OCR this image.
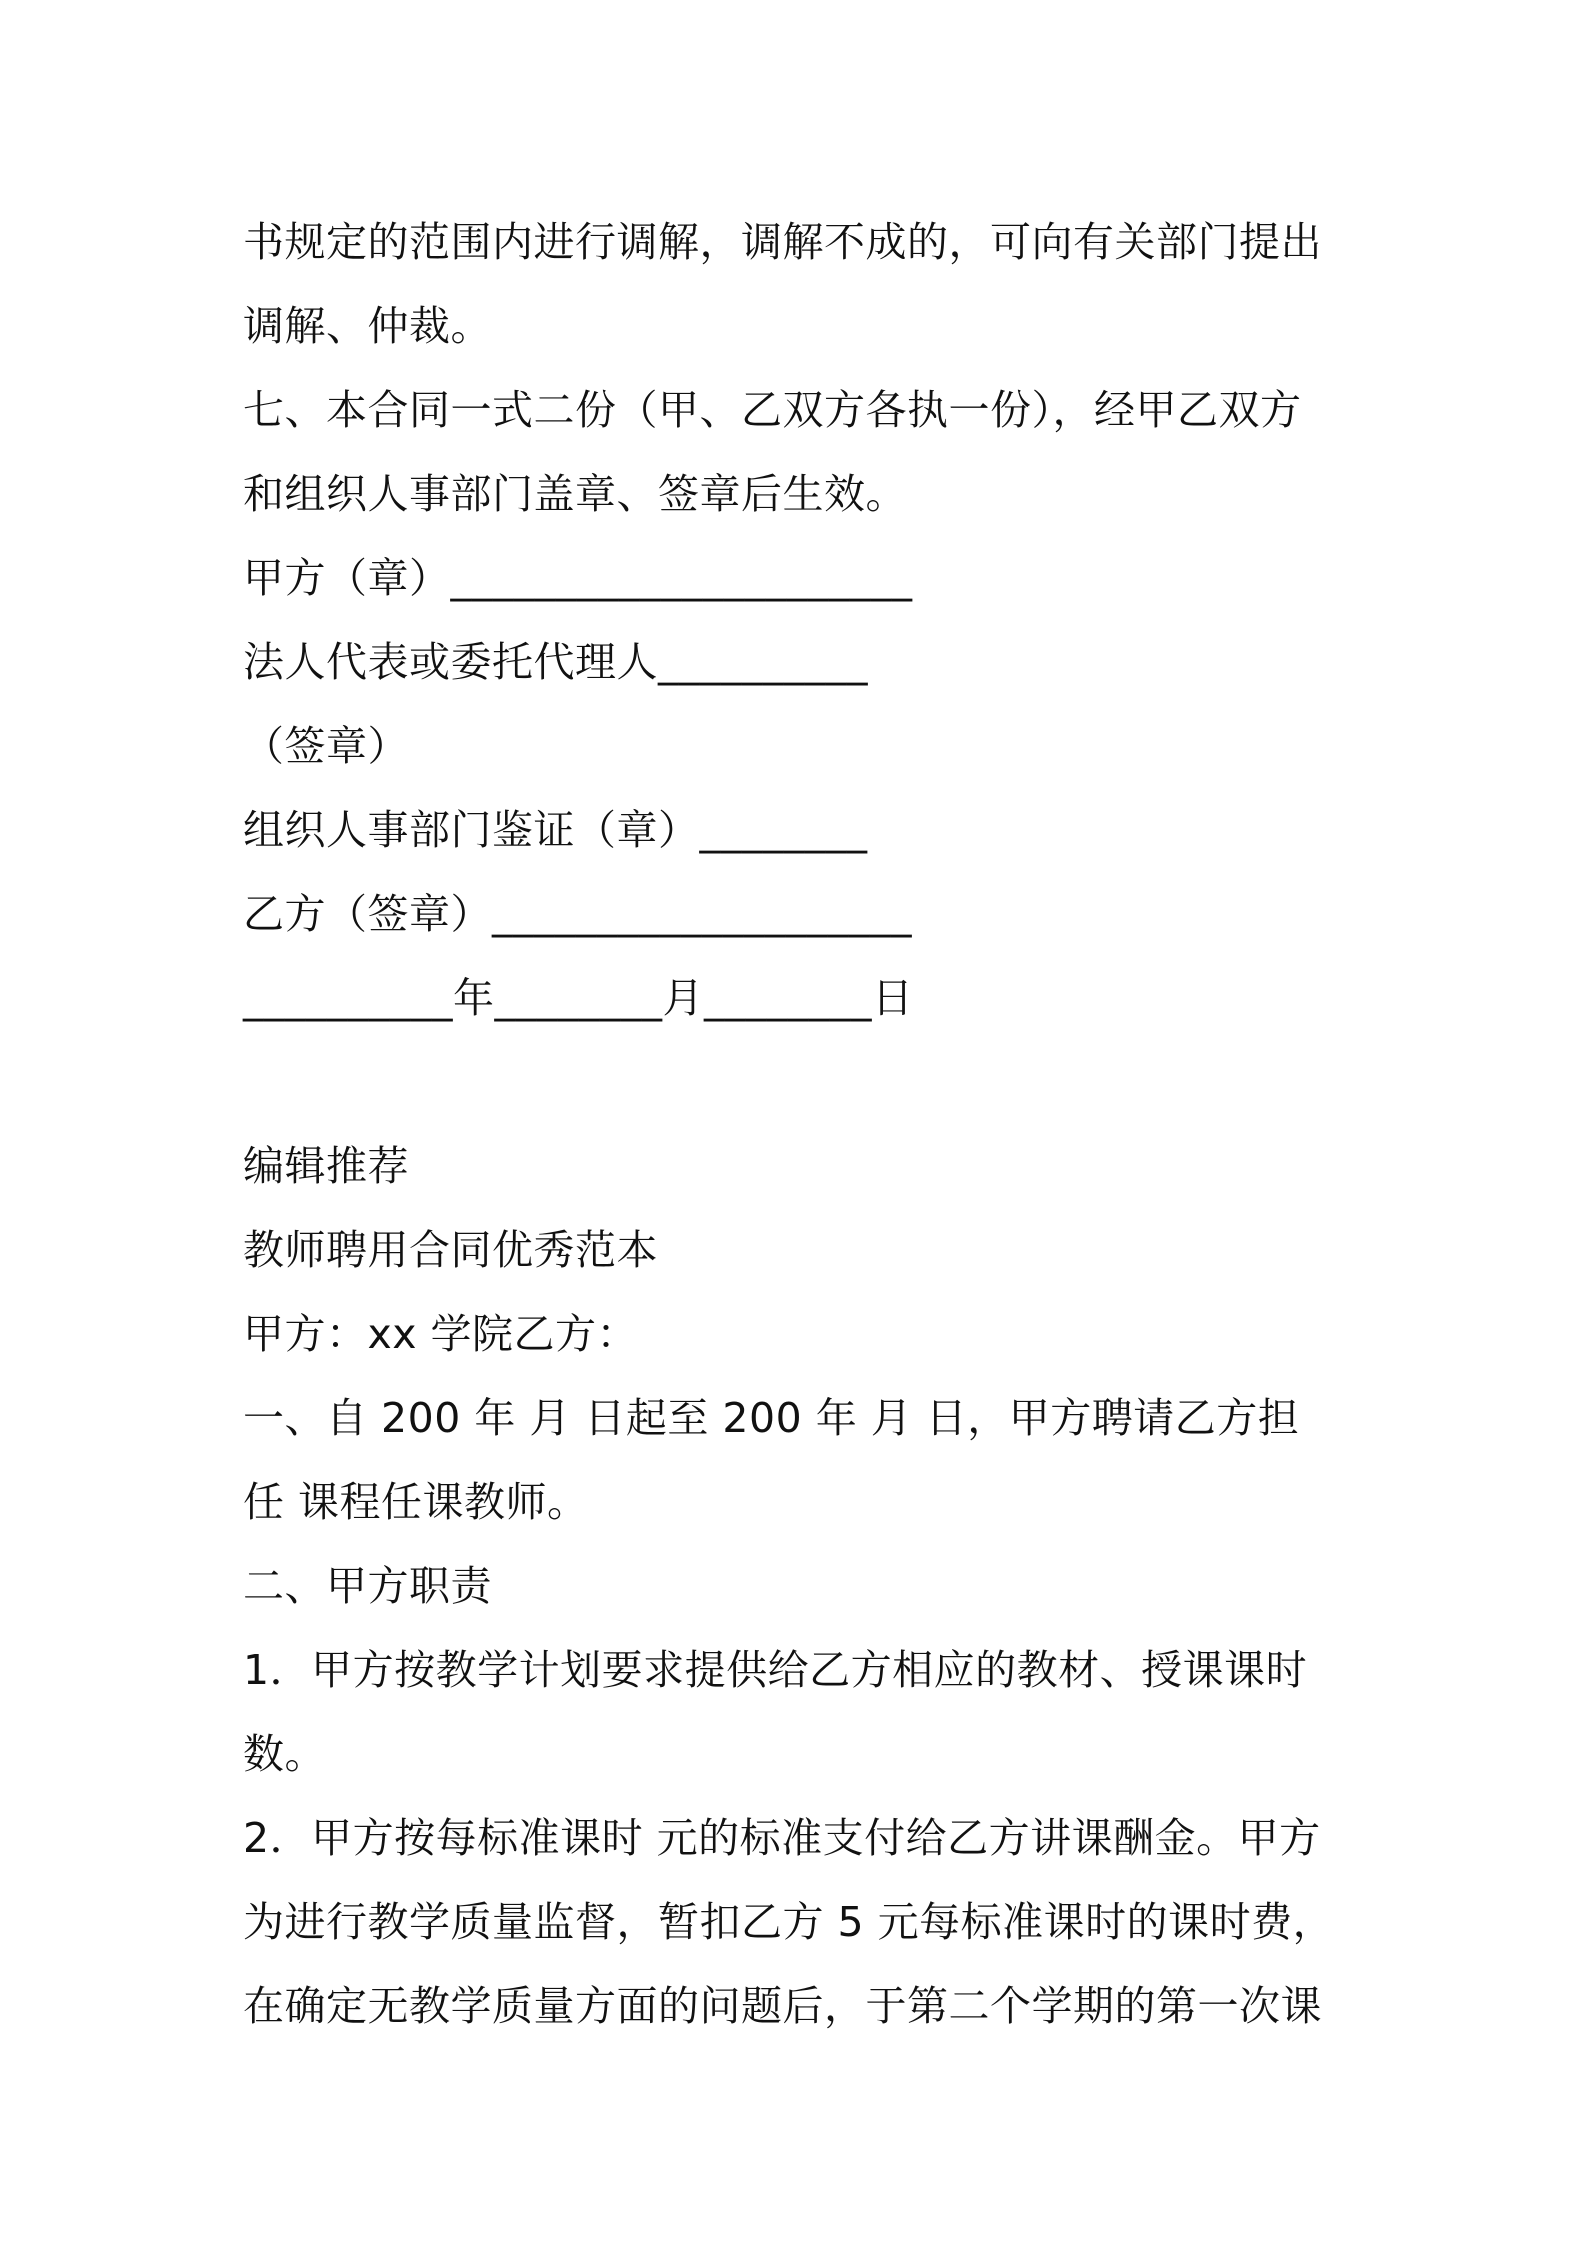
书规定的范围内进行调解，调解不成的，可向有关部门提出
调解、仲裁。
七、本合同一式二份（甲、乙双方各执一份），经甲乙双方
和组织人事部门盖章、签章后生效。
甲方（章）______________________
法人代表或委托代理人__________
（签章）
组织人事部门鉴证（章）________
乙方（签章）____________________
__________年________月________日
编辑推荐
教师聘用合同优秀范本
甲方：xx 学院乙方：
一、自 200 年 月 日起至 200 年 月 日，甲方聘请乙方担
任 课程任课教师。
二、甲方职责
1．甲方按教学计划要求提供给乙方相应的教材、授课课时
数。
2．甲方按每标准课时 元的标准支付给乙方讲课酬金。甲方
为进行教学质量监督，暂扣乙方 5 元每标准课时的课时费，
在确定无教学质量方面的问题后，于第二个学期的第一次课
